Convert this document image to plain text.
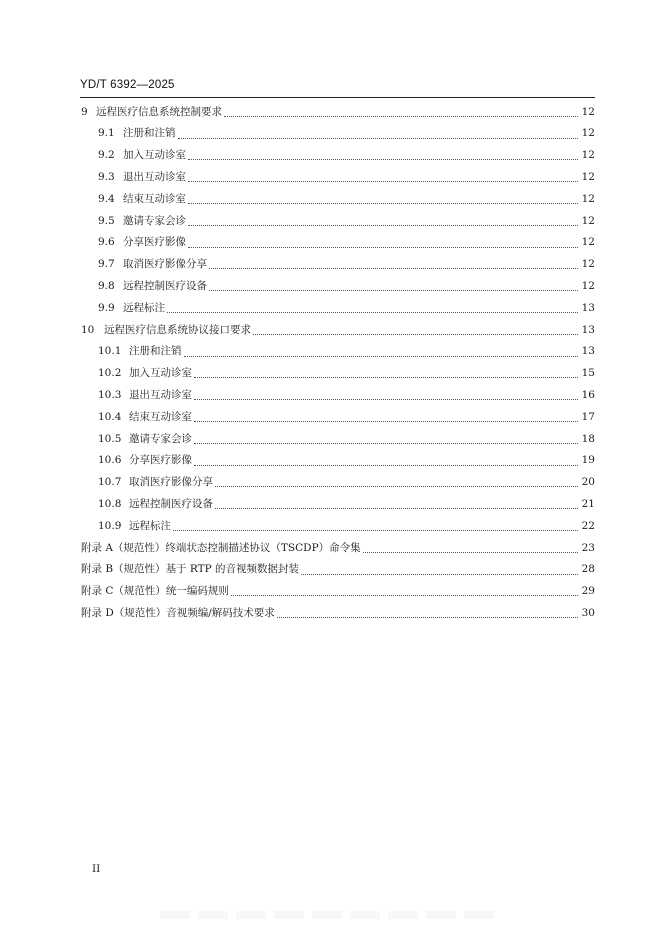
YD/T 6392—2025
9 远程医疗信息系统控制要求	12
9.1 注册和注销	12
9.2 加入互动诊室	12
9.3 退出互动诊室	12
9.4 结束互动诊室	12
9.5 邀请专家会诊	12
9.6 分享医疗影像	12
9.7 取消医疗影像分享	12
9.8 远程控制医疗设备	12
9.9 远程标注	13
10 远程医疗信息系统协议接口要求	13
10.1 注册和注销	13
10.2 加入互动诊室	15
10.3 退出互动诊室	16
10.4 结束互动诊室	17
10.5 邀请专家会诊	18
10.6 分享医疗影像	19
10.7 取消医疗影像分享	20
10.8 远程控制医疗设备	21
10.9 远程标注	22
附录 A（规范性） 终端状态控制描述协议（TSCDP）命令集	23
附录 B（规范性） 基于 RTP 的音视频数据封装	28
附录 C（规范性） 统一编码规则	29
附录 D（规范性） 音视频编/解码技术要求	30

II
